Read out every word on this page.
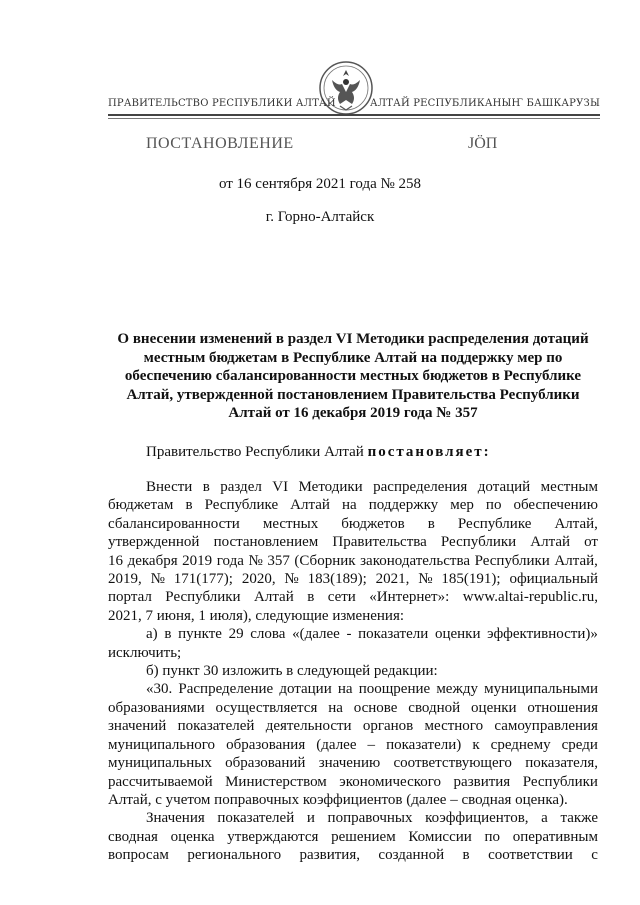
ПРАВИТЕЛЬСТВО РЕСПУБЛИКИ АЛТАЙ	АЛТАЙ РЕСПУБЛИКАНЫҤ БАШКАРУЗЫ
ПОСТАНОВЛЕНИЕ	ЈӦП
от 16 сентября 2021 года № 258
г. Горно-Алтайск
О внесении изменений в раздел VI Методики распределения дотаций
местным бюджетам в Республике Алтай на поддержку мер по
обеспечению сбалансированности местных бюджетов в Республике
Алтай, утвержденной постановлением Правительства Республики
Алтай от 16 декабря 2019 года № 357
Правительство Республики Алтай постановляет:
Внести в раздел VI Методики распределения дотаций местным
бюджетам в Республике Алтай на поддержку мер по обеспечению
сбалансированности местных бюджетов в Республике Алтай,
утвержденной постановлением Правительства Республики Алтай от
16 декабря 2019 года № 357 (Сборник законодательства Республики Алтай,
2019, № 171(177); 2020, № 183(189); 2021, № 185(191); официальный
портал Республики Алтай в сети «Интернет»: www.altai-republic.ru,
2021, 7 июня, 1 июля), следующие изменения:
а) в пункте 29 слова «(далее - показатели оценки эффективности)»
исключить;
б) пункт 30 изложить в следующей редакции:
«30. Распределение дотации на поощрение между муниципальными
образованиями осуществляется на основе сводной оценки отношения
значений показателей деятельности органов местного самоуправления
муниципального образования (далее – показатели) к среднему среди
муниципальных образований значению соответствующего показателя,
рассчитываемой Министерством экономического развития Республики
Алтай, с учетом поправочных коэффициентов (далее – сводная оценка).
Значения показателей и поправочных коэффициентов, а также
сводная оценка утверждаются решением Комиссии по оперативным
вопросам регионального развития, созданной в соответствии с
